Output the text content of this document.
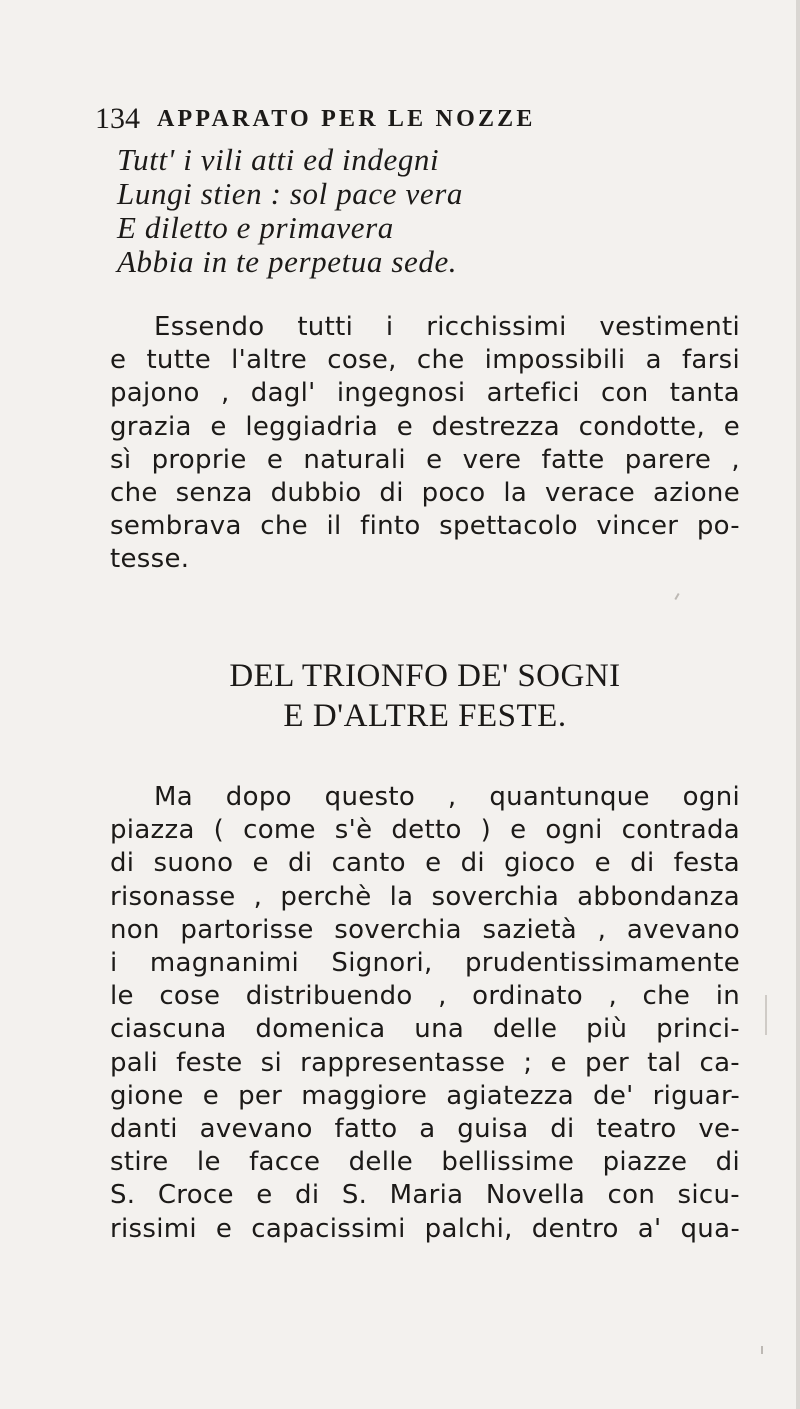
134 APPARATO PER LE NOZZE
Tutt' i vili atti ed indegni
Lungi stien : sol pace vera
E diletto e primavera
Abbia in te perpetua sede.
Essendo tutti i ricchissimi vestimenti
e tutte l'altre cose, che impossibili a farsi
pajono , dagl' ingegnosi artefici con tanta
grazia e leggiadria e destrezza condotte, e
sì proprie e naturali e vere fatte parere ,
che senza dubbio di poco la verace azione
sembrava che il finto spettacolo vincer po-
tesse.
DEL TRIONFO DE' SOGNI
E D'ALTRE FESTE.
Ma dopo questo , quantunque ogni
piazza ( come s'è detto ) e ogni contrada
di suono e di canto e di gioco e di festa
risonasse , perchè la soverchia abbondanza
non partorisse soverchia sazietà , avevano
i magnanimi Signori, prudentissimamente
le cose distribuendo , ordinato , che in
ciascuna domenica una delle più princi-
pali feste si rappresentasse ; e per tal ca-
gione e per maggiore agiatezza de' riguar-
danti avevano fatto a guisa di teatro ve-
stire le facce delle bellissime piazze di
S. Croce e di S. Maria Novella con sicu-
rissimi e capacissimi palchi, dentro a' qua-
